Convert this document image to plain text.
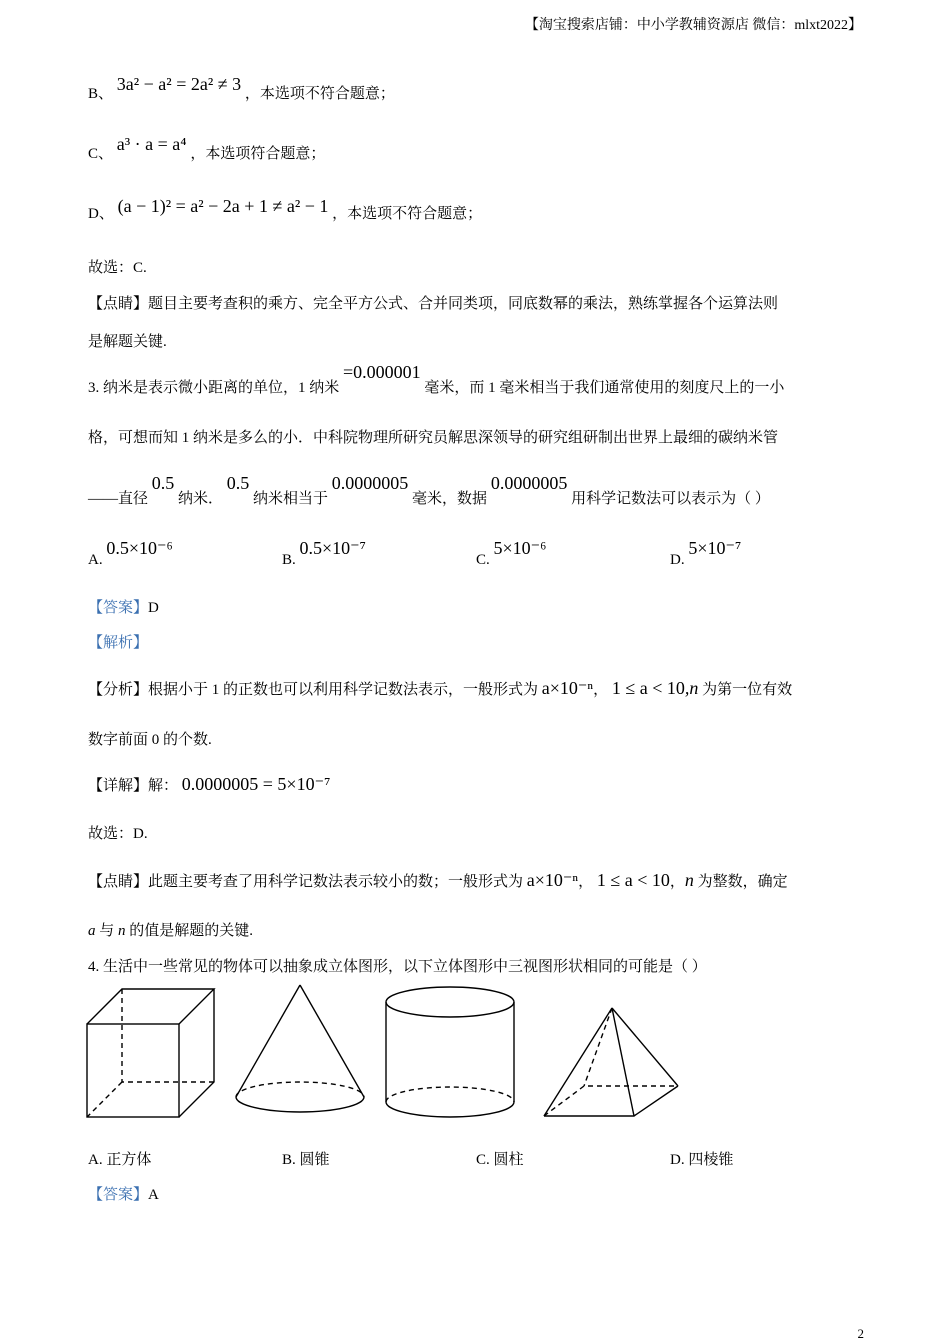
【淘宝搜索店铺：中小学教辅资源店 微信：mlxt2022】
B、 3a² − a² = 2a² ≠ 3 ，本选项不符合题意；
C、 a³ · a = a⁴ ，本选项符合题意；
D、 (a − 1)² = a² − 2a + 1 ≠ a² − 1 ，本选项不符合题意；
故选：C.
【点睛】题目主要考查积的乘方、完全平方公式、合并同类项，同底数幂的乘法，熟练掌握各个运算法则
是解题关键.
3. 纳米是表示微小距离的单位，1 纳米 =0.000001 毫米，而 1 毫米相当于我们通常使用的刻度尺上的一小
格，可想而知 1 纳米是多么的小．中科院物理所研究员解思深领导的研究组研制出世界上最细的碳纳米管
——直径 0.5 纳米． 0.5 纳米相当于 0.0000005 毫米，数据 0.0000005 用科学记数法可以表示为（ ）
A. 0.5×10⁻⁶
B. 0.5×10⁻⁷
C. 5×10⁻⁶
D. 5×10⁻⁷
【答案】D
【解析】
【分析】根据小于 1 的正数也可以利用科学记数法表示，一般形式为 a×10⁻ⁿ， 1 ≤ a < 10,n 为第一位有效
数字前面 0 的个数.
【详解】解： 0.0000005 = 5×10⁻⁷
故选：D.
【点睛】此题主要考查了用科学记数法表示较小的数；一般形式为 a×10⁻ⁿ， 1 ≤ a < 10，n 为整数，确定
a 与 n 的值是解题的关键.
4. 生活中一些常见的物体可以抽象成立体图形，以下立体图形中三视图形状相同的可能是（ ）
A. 正方体	B. 圆锥	C. 圆柱	D. 四棱锥
【答案】A
2
